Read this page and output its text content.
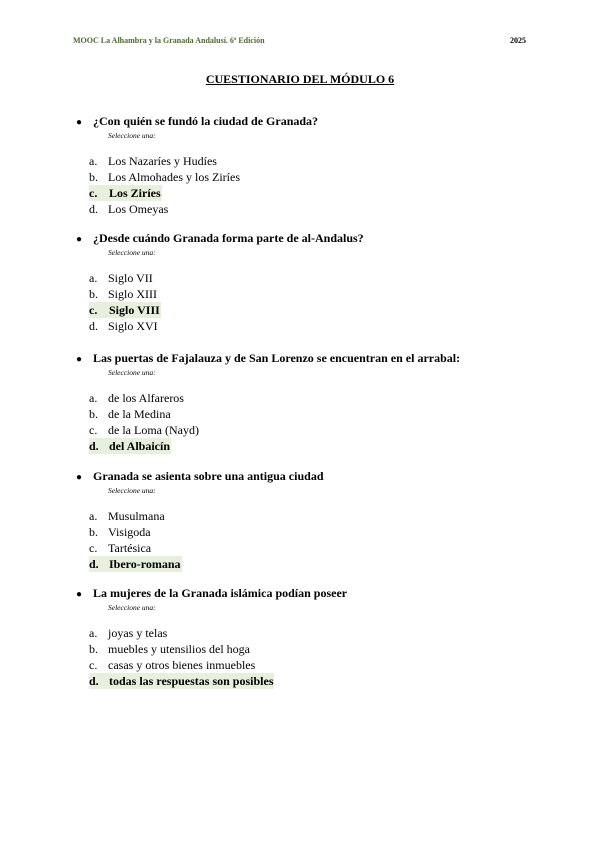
MOOC La Alhambra y la Granada Andalusí. 6ª Edición	2025
CUESTIONARIO DEL MÓDULO 6
● ¿Con quién se fundó la ciudad de Granada?
Seleccione una:
a. Los Nazaríes y Hudíes
b. Los Almohades y los Ziríes
c. Los Ziríes
d. Los Omeyas
● ¿Desde cuándo Granada forma parte de al-Andalus?
Seleccione una:
a. Siglo VII
b. Siglo XIII
c. Siglo VIII
d. Siglo XVI
● Las puertas de Fajalauza y de San Lorenzo se encuentran en el arrabal:
Seleccione una:
a. de los Alfareros
b. de la Medina
c. de la Loma (Nayd)
d. del Albaicín
● Granada se asienta sobre una antigua ciudad
Seleccione una:
a. Musulmana
b. Visigoda
c. Tartésica
d. Ibero-romana
● La mujeres de la Granada islámica podían poseer
Seleccione una:
a. joyas y telas
b. muebles y utensilios del hoga
c. casas y otros bienes inmuebles
d. todas las respuestas son posibles
